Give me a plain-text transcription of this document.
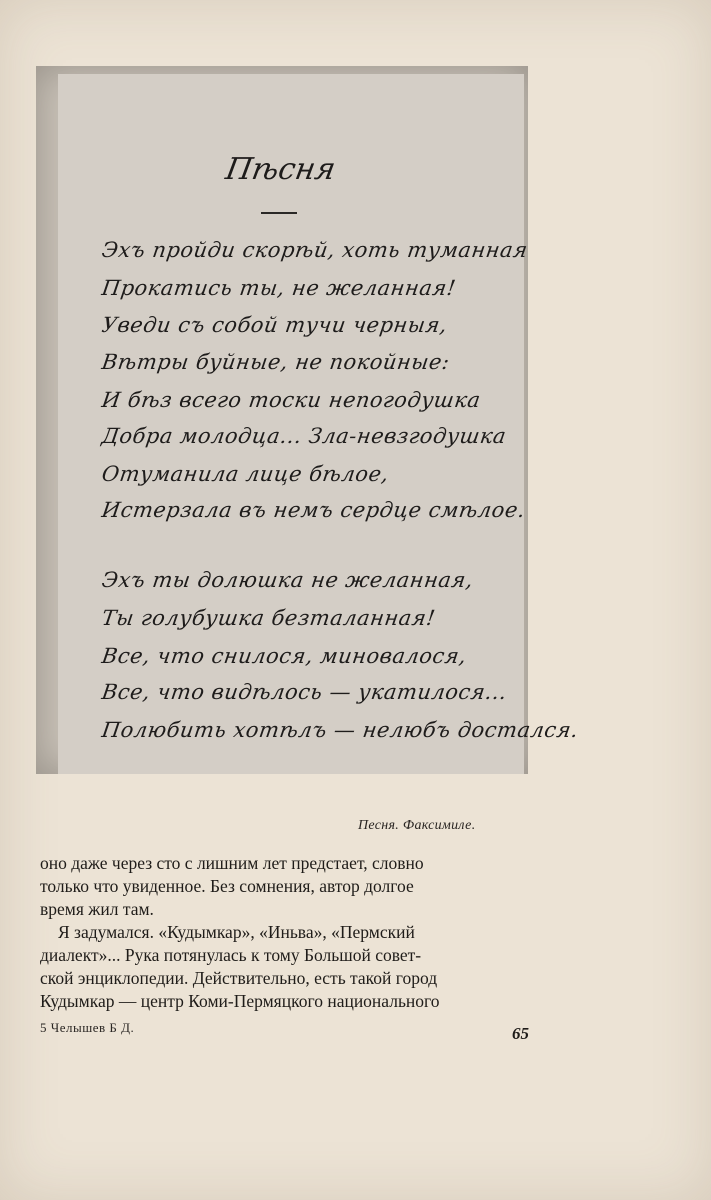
Пѣсня
Эхъ пройди скорѣй, хоть туманная
Прокатись ты, не желанная!
Уведи съ собой тучи черныя,
Вѣтры буйные, не покойные:
И бѣз всего тоски непогодушка
Добра молодца... Зла-невзгодушка
Отуманила лице бѣлое,
Истерзала въ немъ сердце смѣлое.
Эхъ ты долюшка не желанная,
Ты голубушка безталанная!
Все, что снилося, миновалося,
Все, что видѣлось — укатилося...
Полюбить хотѣлъ — нелюбъ достался.
Песня. Факсимиле.
оно даже через сто с лишним лет предстает, словно
только что увиденное. Без сомнения, автор долгое
время жил там.
Я задумался. «Кудымкар», «Иньва», «Пермский
диалект»... Рука потянулась к тому Большой совет-
ской энциклопедии. Действительно, есть такой город
Кудымкар — центр Коми-Пермяцкого национального
5 Челышев Б Д.	65
